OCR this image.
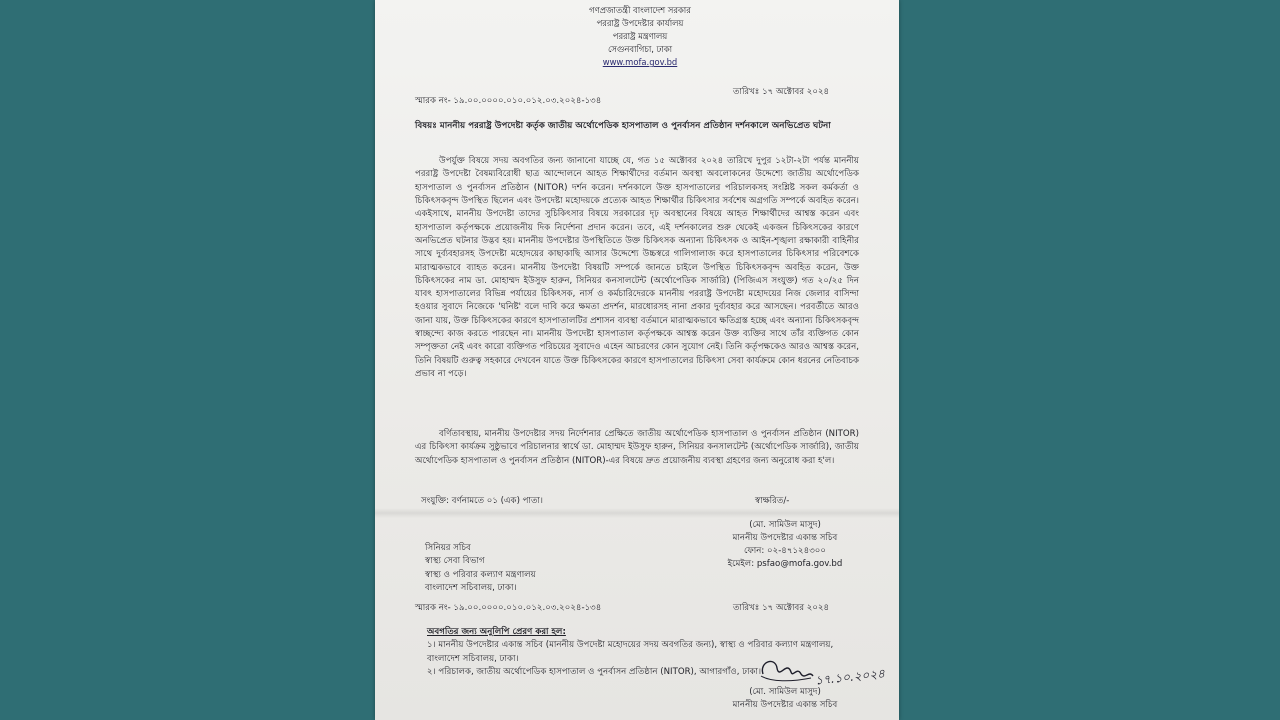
গণপ্রজাতন্ত্রী বাংলাদেশ সরকার
পররাষ্ট্র উপদেষ্টার কার্যালয়
পররাষ্ট্র মন্ত্রণালয়
সেগুনবাগিচা, ঢাকা
www.mofa.gov.bd
তারিখঃ ১৭ অক্টোবর ২০২৪
স্মারক নং- ১৯.০০.০০০০.০১০.০১২.০৩.২০২৪-১৩৪
বিষয়ঃ মাননীয় পররাষ্ট্র উপদেষ্টা কর্তৃক জাতীয় অর্থোপেডিক হাসপাতাল ও পুনর্বাসন প্রতিষ্ঠান দর্শনকালে অনভিপ্রেত ঘটনা

উপর্যুক্ত বিষয়ে সদয় অবগতির জন্য জানানো যাচ্ছে যে, গত ১৫ অক্টোবর ২০২৪ তারিখে দুপুর ১২টা-২টা পর্যন্ত মাননীয় পররাষ্ট্র উপদেষ্টা বৈষম্যবিরোধী ছাত্র আন্দোলনে আহত শিক্ষার্থীদের বর্তমান অবস্থা অবলোকনের উদ্দেশ্যে জাতীয় অর্থোপেডিক হাসপাতাল ও পুনর্বাসন প্রতিষ্ঠান (NITOR) দর্শন করেন। দর্শনকালে উক্ত হাসপাতালের পরিচালকসহ সংশ্লিষ্ট সকল কর্মকর্তা ও চিকিৎসকবৃন্দ উপস্থিত ছিলেন এবং উপদেষ্টা মহোদয়কে প্রত্যেক আহত শিক্ষার্থীর চিকিৎসার সর্বশেষ অগ্রগতি সম্পর্কে অবহিত করেন। একইসাথে, মাননীয় উপদেষ্টা তাদের সুচিকিৎসার বিষয়ে সরকারের দৃঢ় অবস্থানের বিষয়ে আহত শিক্ষার্থীদের আশ্বস্ত করেন এবং হাসপাতাল কর্তৃপক্ষকে প্রয়োজনীয় দিক নির্দেশনা প্রদান করেন। তবে, এই দর্শনকালের শুরু থেকেই একজন চিকিৎসকের কারণে অনভিপ্রেত ঘটনার উদ্ভব হয়। মাননীয় উপদেষ্টার উপস্থিতিতে উক্ত চিকিৎসক অন্যান্য চিকিৎসক ও আইন-শৃঙ্খলা রক্ষাকারী বাহিনীর সাথে দুর্ব্যবহারসহ উপদেষ্টা মহোদয়ের কাছাকাছি আসার উদ্দেশ্যে উচ্চস্বরে গালিগালাজ করে হাসপাতালের চিকিৎসার পরিবেশকে মারাত্মকভাবে ব্যাহত করেন। মাননীয় উপদেষ্টা বিষয়টি সম্পর্কে জানতে চাইলে উপস্থিত চিকিৎসকবৃন্দ অবহিত করেন, উক্ত চিকিৎসকের নাম ডা. মোহাম্মদ ইউসুফ হারুন, সিনিয়র কনসালটেন্ট (অর্থোপেডিক সার্জারি) (পিজিএস সংযুক্ত) গত ২০/২৫ দিন যাবৎ হাসপাতালের বিভিন্ন পর্যায়ের চিকিৎসক, নার্স ও কর্মচারিদেরকে মাননীয় পররাষ্ট্র উপদেষ্টা মহোদয়ের নিজ জেলার বাসিন্দা হওয়ার সুবাদে নিজেকে 'ঘনিষ্ট' বলে দাবি করে ক্ষমতা প্রদর্শন, মারধোরসহ নানা প্রকার দুর্ব্যবহার করে আসছেন। পরবর্তীতে আরও জানা যায়, উক্ত চিকিৎসকের কারণে হাসপাতালটির প্রশাসন ব্যবস্থা বর্তমানে মারাত্মকভাবে ক্ষতিগ্রস্ত হচ্ছে এবং অন্যান্য চিকিৎসকবৃন্দ স্বাচ্ছন্দ্যে কাজ করতে পারছেন না। মাননীয় উপদেষ্টা হাসপাতাল কর্তৃপক্ষকে আশ্বস্ত করেন উক্ত ব্যক্তির সাথে তাঁর ব্যক্তিগত কোন সম্পৃক্ততা নেই এবং কারো ব্যক্তিগত পরিচয়ের সুবাদেও এহেন আচরণের কোন সুযোগ নেই। তিনি কর্তৃপক্ষকেও আরও আশ্বস্ত করেন, তিনি বিষয়টি গুরুত্ব সহকারে দেখবেন যাতে উক্ত চিকিৎসকের কারণে হাসপাতালের চিকিৎসা সেবা কার্যক্রমে কোন ধরনের নেতিবাচক প্রভাব না পড়ে।

বর্ণিতাবস্থায়, মাননীয় উপদেষ্টার সদয় নির্দেশনার প্রেক্ষিতে জাতীয় অর্থোপেডিক হাসপাতাল ও পুনর্বাসন প্রতিষ্ঠান (NITOR) এর চিকিৎসা কার্যক্রম সুষ্ঠুভাবে পরিচালনার স্বার্থে ডা. মোহাম্মদ ইউসুফ হারুন, সিনিয়র কনসালটেন্ট (অর্থোপেডিক সার্জারি), জাতীয় অর্থোপেডিক হাসপাতাল ও পুনর্বাসন প্রতিষ্ঠান (NITOR)-এর বিষয়ে দ্রুত প্রয়োজনীয় ব্যবস্থা গ্রহণের জন্য অনুরোধ করা হ'ল।

সংযুক্তি: বর্ণনামতে ০১ (এক) পাতা।	স্বাক্ষরিত/-
(মো. সামিউল মাসুদ)
মাননীয় উপদেষ্টার একান্ত সচিব
ফোন: ০২-৪৭১২৪৩০০
ইমেইল: psfao@mofa.gov.bd
সিনিয়র সচিব
স্বাস্থ্য সেবা বিভাগ
স্বাস্থ্য ও পরিবার কল্যাণ মন্ত্রণালয়
বাংলাদেশ সচিবালয়, ঢাকা।
স্মারক নং- ১৯.০০.০০০০.০১০.০১২.০৩.২০২৪-১৩৪	তারিখঃ ১৭ অক্টোবর ২০২৪
অবগতির জন্য অনুলিপি প্রেরণ করা হল:
১। মাননীয় উপদেষ্টার একান্ত সচিব (মাননীয় উপদেষ্টা মহোদয়ের সদয় অবগতির জন্য), স্বাস্থ্য ও পরিবার কল্যাণ মন্ত্রণালয়,
বাংলাদেশ সচিবালয়, ঢাকা।
২। পরিচালক, জাতীয় অর্থোপেডিক হাসপাতাল ও পুনর্বাসন প্রতিষ্ঠান (NITOR), আগারগাঁও, ঢাকা।	১৭.১০.২০২৪
(মো. সামিউল মাসুদ)
মাননীয় উপদেষ্টার একান্ত সচিব
